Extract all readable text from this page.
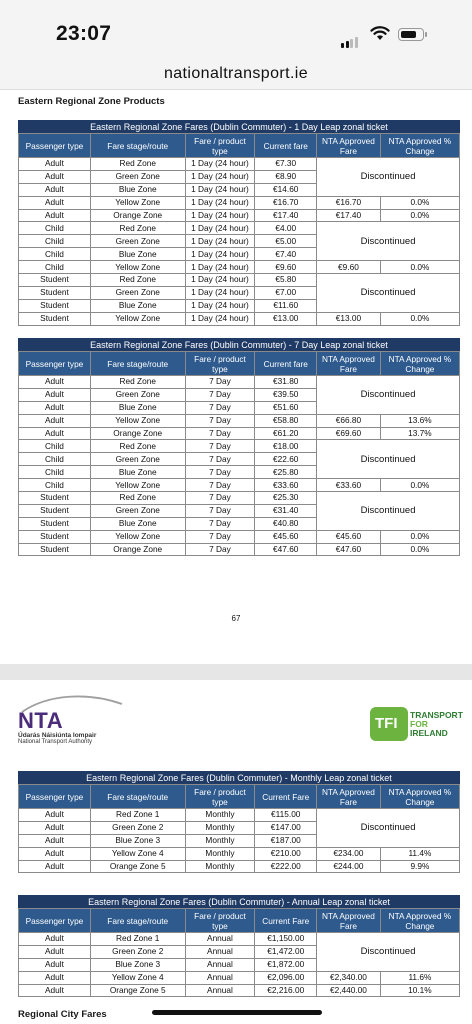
23:07
nationaltransport.ie
Eastern Regional Zone Products
Eastern Regional Zone Fares (Dublin Commuter) - 1 Day Leap zonal ticket
Passenger type	Fare stage/route	Fare / product type	Current fare	NTA Approved Fare	NTA Approved % Change
Adult	Red Zone	1 Day (24 hour)	€7.30	Discontinued	
Adult	Green Zone	1 Day (24 hour)	€8.90		
Adult	Blue Zone	1 Day (24 hour)	€14.60		
Adult	Yellow Zone	1 Day (24 hour)	€16.70	€16.70	0.0%
Adult	Orange Zone	1 Day (24 hour)	€17.40	€17.40	0.0%
Child	Red Zone	1 Day (24 hour)	€4.00	Discontinued	
Child	Green Zone	1 Day (24 hour)	€5.00		
Child	Blue Zone	1 Day (24 hour)	€7.40		
Child	Yellow Zone	1 Day (24 hour)	€9.60	€9.60	0.0%
Student	Red Zone	1 Day (24 hour)	€5.80	Discontinued	
Student	Green Zone	1 Day (24 hour)	€7.00		
Student	Blue Zone	1 Day (24 hour)	€11.60		
Student	Yellow Zone	1 Day (24 hour)	€13.00	€13.00	0.0%
Eastern Regional Zone Fares (Dublin Commuter) - 7 Day Leap zonal ticket
Passenger type	Fare stage/route	Fare / product type	Current fare	NTA Approved Fare	NTA Approved % Change
Adult	Red Zone	7 Day	€31.80	Discontinued	
Adult	Green Zone	7 Day	€39.50		
Adult	Blue Zone	7 Day	€51.60		
Adult	Yellow Zone	7 Day	€58.80	€66.80	13.6%
Adult	Orange Zone	7 Day	€61.20	€69.60	13.7%
Child	Red Zone	7 Day	€18.00	Discontinued	
Child	Green Zone	7 Day	€22.60		
Child	Blue Zone	7 Day	€25.80		
Child	Yellow Zone	7 Day	€33.60	€33.60	0.0%
Student	Red Zone	7 Day	€25.30	Discontinued	
Student	Green Zone	7 Day	€31.40		
Student	Blue Zone	7 Day	€40.80		
Student	Yellow Zone	7 Day	€45.60	€45.60	0.0%
Student	Orange Zone	7 Day	€47.60	€47.60	0.0%
67
NTA
Údarás Náisiúnta Iompair
National Transport Authority
TFI TRANSPORT
FOR
IRELAND
Eastern Regional Zone Fares (Dublin Commuter) - Monthly Leap zonal ticket
Passenger type	Fare stage/route	Fare / product type	Current Fare	NTA Approved Fare	NTA Approved % Change
Adult	Red Zone 1	Monthly	€115.00	Discontinued	
Adult	Green Zone 2	Monthly	€147.00		
Adult	Blue Zone 3	Monthly	€187.00		
Adult	Yellow Zone 4	Monthly	€210.00	€234.00	11.4%
Adult	Orange Zone 5	Monthly	€222.00	€244.00	9.9%
Eastern Regional Zone Fares (Dublin Commuter) - Annual Leap zonal ticket
Passenger type	Fare stage/route	Fare / product type	Current Fare	NTA Approved Fare	NTA Approved % Change
Adult	Red Zone 1	Annual	€1,150.00	Discontinued	
Adult	Green Zone 2	Annual	€1,472.00		
Adult	Blue Zone 3	Annual	€1,872.00		
Adult	Yellow Zone 4	Annual	€2,096.00	€2,340.00	11.6%
Adult	Orange Zone 5	Annual	€2,216.00	€2,440.00	10.1%
Regional City Fares
